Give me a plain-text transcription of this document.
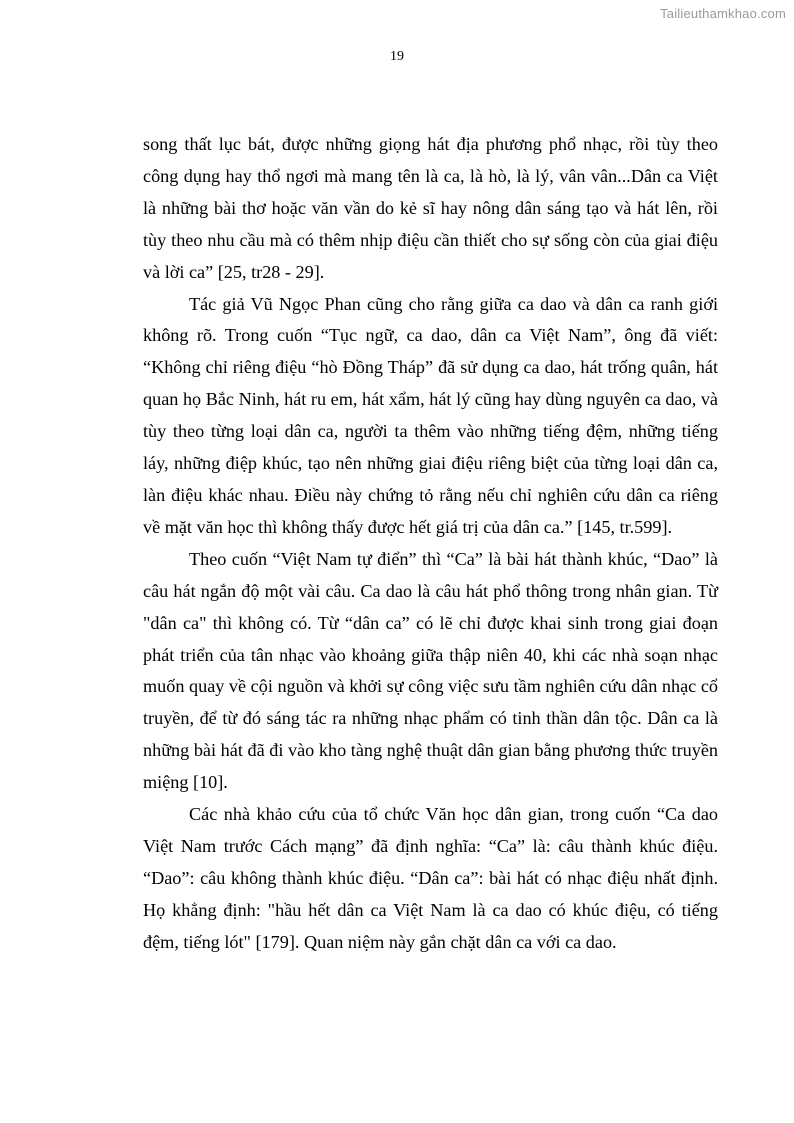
Tailieuthamkhao.com
19

song thất lục bát, được những giọng hát địa phương phổ nhạc, rồi tùy theo công dụng hay thổ ngơi mà mang tên là ca, là hò, là lý, vân vân...Dân ca Việt là những bài thơ hoặc văn vần do kẻ sĩ hay nông dân sáng tạo và hát lên, rồi tùy theo nhu cầu mà có thêm nhịp điệu cần thiết cho sự sống còn của giai điệu và lời ca” [25, tr28 - 29].

Tác giả Vũ Ngọc Phan cũng cho rằng giữa ca dao và dân ca ranh giới không rõ. Trong cuốn “Tục ngữ, ca dao, dân ca Việt Nam”, ông đã viết: “Không chỉ riêng điệu “hò Đồng Tháp” đã sử dụng ca dao, hát trống quân, hát quan họ Bắc Ninh, hát ru em, hát xẩm, hát lý cũng hay dùng nguyên ca dao, và tùy theo từng loại dân ca, người ta thêm vào những tiếng đệm, những tiếng láy, những điệp khúc, tạo nên những giai điệu riêng biệt của từng loại dân ca, làn điệu khác nhau. Điều này chứng tỏ rằng nếu chỉ nghiên cứu dân ca riêng về mặt văn học thì không thấy được hết giá trị của dân ca.” [145, tr.599].

Theo cuốn “Việt Nam tự điển” thì “Ca” là bài hát thành khúc, “Dao” là câu hát ngắn độ một vài câu. Ca dao là câu hát phổ thông trong nhân gian. Từ "dân ca" thì không có. Từ “dân ca” có lẽ chỉ được khai sinh trong giai đoạn phát triển của tân nhạc vào khoảng giữa thập niên 40, khi các nhà soạn nhạc muốn quay về cội nguồn và khởi sự công việc sưu tầm nghiên cứu dân nhạc cổ truyền, để từ đó sáng tác ra những nhạc phẩm có tinh thần dân tộc. Dân ca là những bài hát đã đi vào kho tàng nghệ thuật dân gian bằng phương thức truyền miệng [10].

Các nhà khảo cứu của tổ chức Văn học dân gian, trong cuốn “Ca dao Việt Nam trước Cách mạng” đã định nghĩa: “Ca” là: câu thành khúc điệu. “Dao”: câu không thành khúc điệu. “Dân ca”: bài hát có nhạc điệu nhất định. Họ khẳng định: "hầu hết dân ca Việt Nam là ca dao có khúc điệu, có tiếng đệm, tiếng lót" [179]. Quan niệm này gắn chặt dân ca với ca dao.
